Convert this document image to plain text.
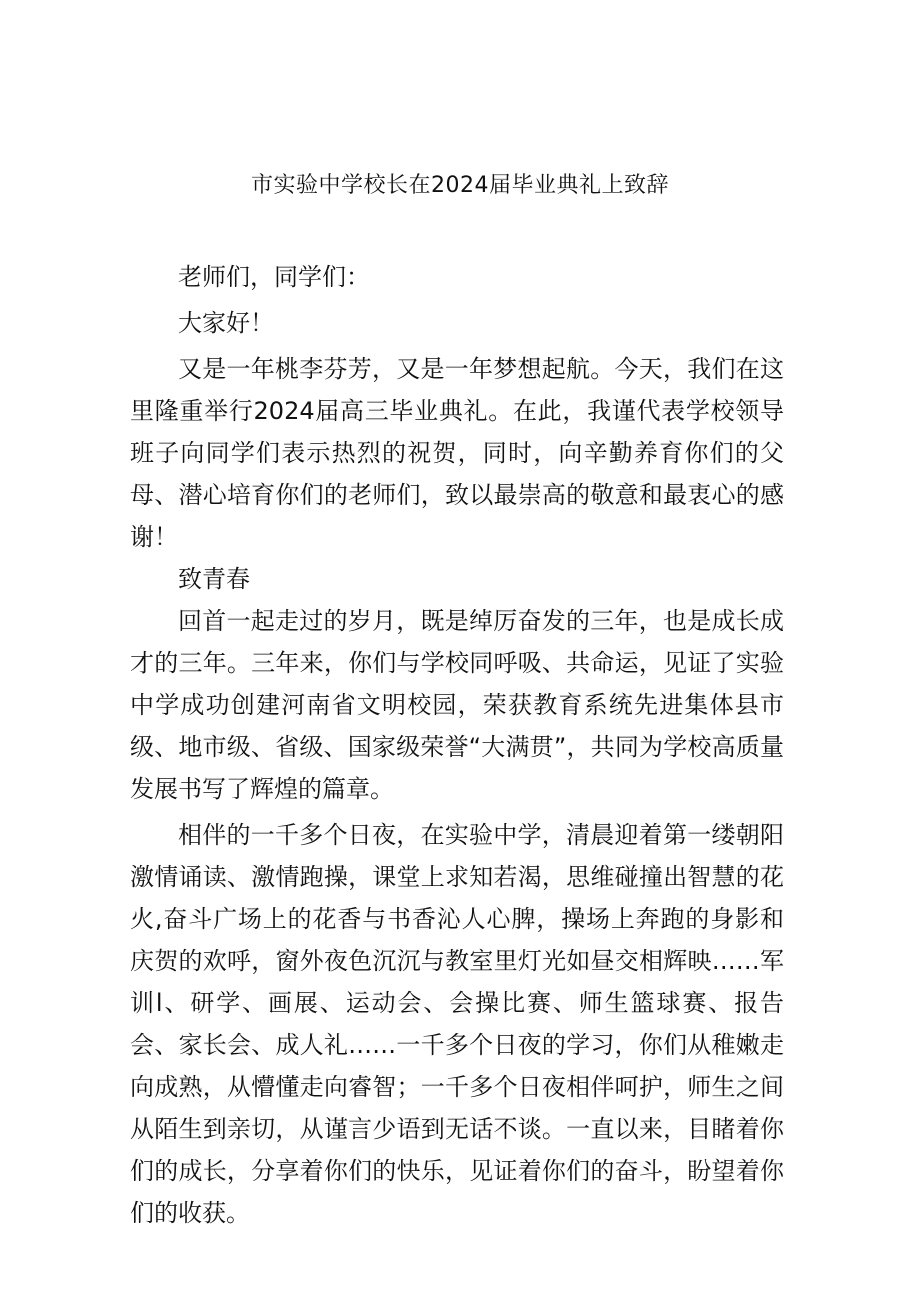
市实验中学校长在2024届毕业典礼上致辞

老师们，同学们：

大家好！

又是一年桃李芬芳，又是一年梦想起航。今天，我们在这里隆重举行2024届高三毕业典礼。在此，我谨代表学校领导班子向同学们表示热烈的祝贺，同时，向辛勤养育你们的父母、潜心培育你们的老师们，致以最崇高的敬意和最衷心的感谢！

致青春

回首一起走过的岁月，既是绰厉奋发的三年，也是成长成才的三年。三年来，你们与学校同呼吸、共命运，见证了实验中学成功创建河南省文明校园，荣获教育系统先进集体县市级、地市级、省级、国家级荣誉“大满贯”，共同为学校高质量发展书写了辉煌的篇章。

相伴的一千多个日夜，在实验中学，清晨迎着第一缕朝阳激情诵读、激情跑操，课堂上求知若渴，思维碰撞出智慧的花火,奋斗广场上的花香与书香沁人心脾，操场上奔跑的身影和庆贺的欢呼，窗外夜色沉沉与教室里灯光如昼交相辉映……军训l、研学、画展、运动会、会操比赛、师生篮球赛、报告会、家长会、成人礼……一千多个日夜的学习，你们从稚嫩走向成熟，从懵懂走向睿智；一千多个日夜相伴呵护，师生之间从陌生到亲切，从谨言少语到无话不谈。一直以来，目睹着你们的成长，分享着你们的快乐，见证着你们的奋斗，盼望着你们的收获。
